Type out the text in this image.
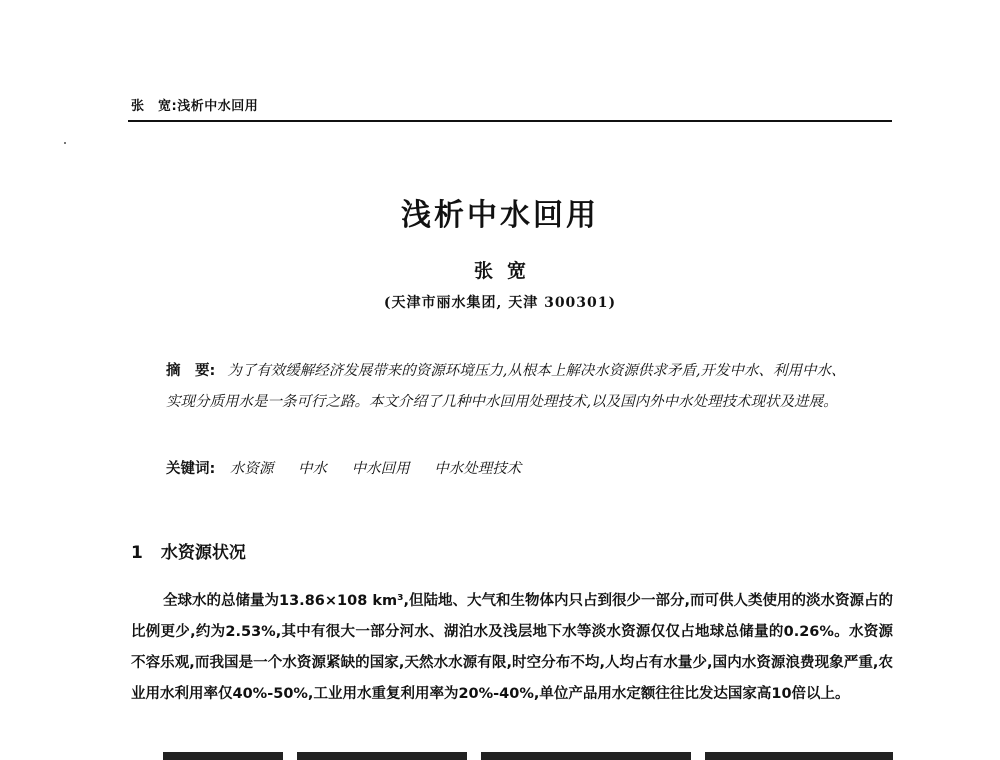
张　宽:浅析中水回用
浅析中水回用
张宽
(天津市丽水集团, 天津 300301)
摘　要: 为了有效缓解经济发展带来的资源环境压力,从根本上解决水资源供求矛盾,开发中水、利用中水、实现分质用水是一条可行之路。本文介绍了几种中水回用处理技术,以及国内外中水处理技术现状及进展。
关键词: 水资源 中水 中水回用 中水处理技术
1 水资源状况
全球水的总储量为13.86×108 km³,但陆地、大气和生物体内只占到很少一部分,而可供人类使用的淡水资源占的比例更少,约为2.53%,其中有很大一部分河水、湖泊水及浅层地下水等淡水资源仅仅占地球总储量的0.26%。水资源不容乐观,而我国是一个水资源紧缺的国家,天然水水源有限,时空分布不均,人均占有水量少,国内水资源浪费现象严重,农业用水利用率仅40%-50%,工业用水重复利用率为20%-40%,单位产品用水定额往往比发达国家高10倍以上。
